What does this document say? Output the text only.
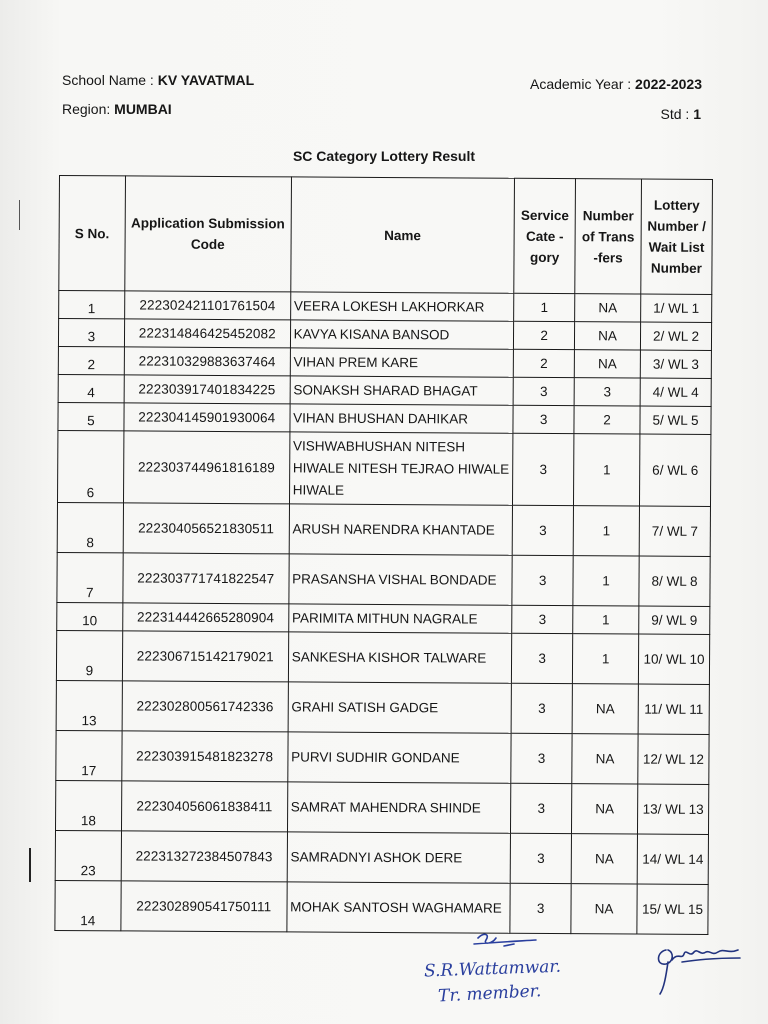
School Name : KV YAVATMAL
Region: MUMBAI
Academic Year : 2022-2023
Std : 1
SC Category Lottery Result
S No.	Application Submission Code	Name	Service Cate - gory	Number of Trans -fers	Lottery Number / Wait List Number
1	222302421101761504	VEERA LOKESH LAKHORKAR	1	NA	1/ WL 1
3	222314846425452082	KAVYA KISANA BANSOD	2	NA	2/ WL 2
2	222310329883637464	VIHAN PREM KARE	2	NA	3/ WL 3
4	222303917401834225	SONAKSH SHARAD BHAGAT	3	3	4/ WL 4
5	222304145901930064	VIHAN BHUSHAN DAHIKAR	3	2	5/ WL 5
6	222303744961816189	VISHWABHUSHAN NITESH HIWALE NITESH TEJRAO HIWALE HIWALE	3	1	6/ WL 6
8	222304056521830511	ARUSH NARENDRA KHANTADE	3	1	7/ WL 7
7	222303771741822547	PRASANSHA VISHAL BONDADE	3	1	8/ WL 8
10	222314442665280904	PARIMITA MITHUN NAGRALE	3	1	9/ WL 9
9	222306715142179021	SANKESHA KISHOR TALWARE	3	1	10/ WL 10
13	222302800561742336	GRAHI SATISH GADGE	3	NA	11/ WL 11
17	222303915481823278	PURVI SUDHIR GONDANE	3	NA	12/ WL 12
18	222304056061838411	SAMRAT MAHENDRA SHINDE	3	NA	13/ WL 13
23	222313272384507843	SAMRADNYI ASHOK DERE	3	NA	14/ WL 14
14	222302890541750111	MOHAK SANTOSH WAGHAMARE	3	NA	15/ WL 15
S.R.Wattamwar.
Tr. member.
